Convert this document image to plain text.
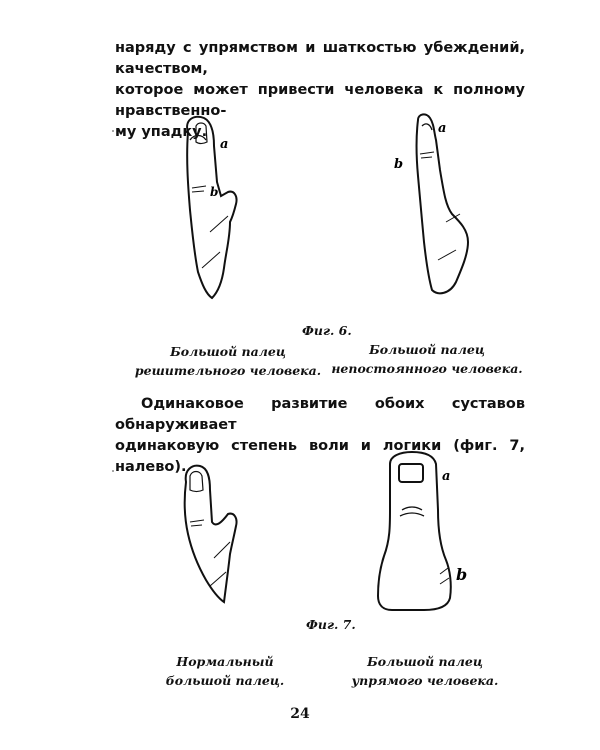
наряду с упрямством и шаткостью убеждений, качеством,
которое может привести человека к полному нравственно-
му упадку.
a
b
a
b
Фиг. 6.
Большой палец
решительного человека.
Большой палец
непостоянного человека.
Одинаковое развитие обоих суставов обнаруживает
одинаковую степень воли и логики (фиг. 7, налево).
a
b
Фиг. 7.
Нормальный
большой палец.
Большой палец
упрямого человека.
24
